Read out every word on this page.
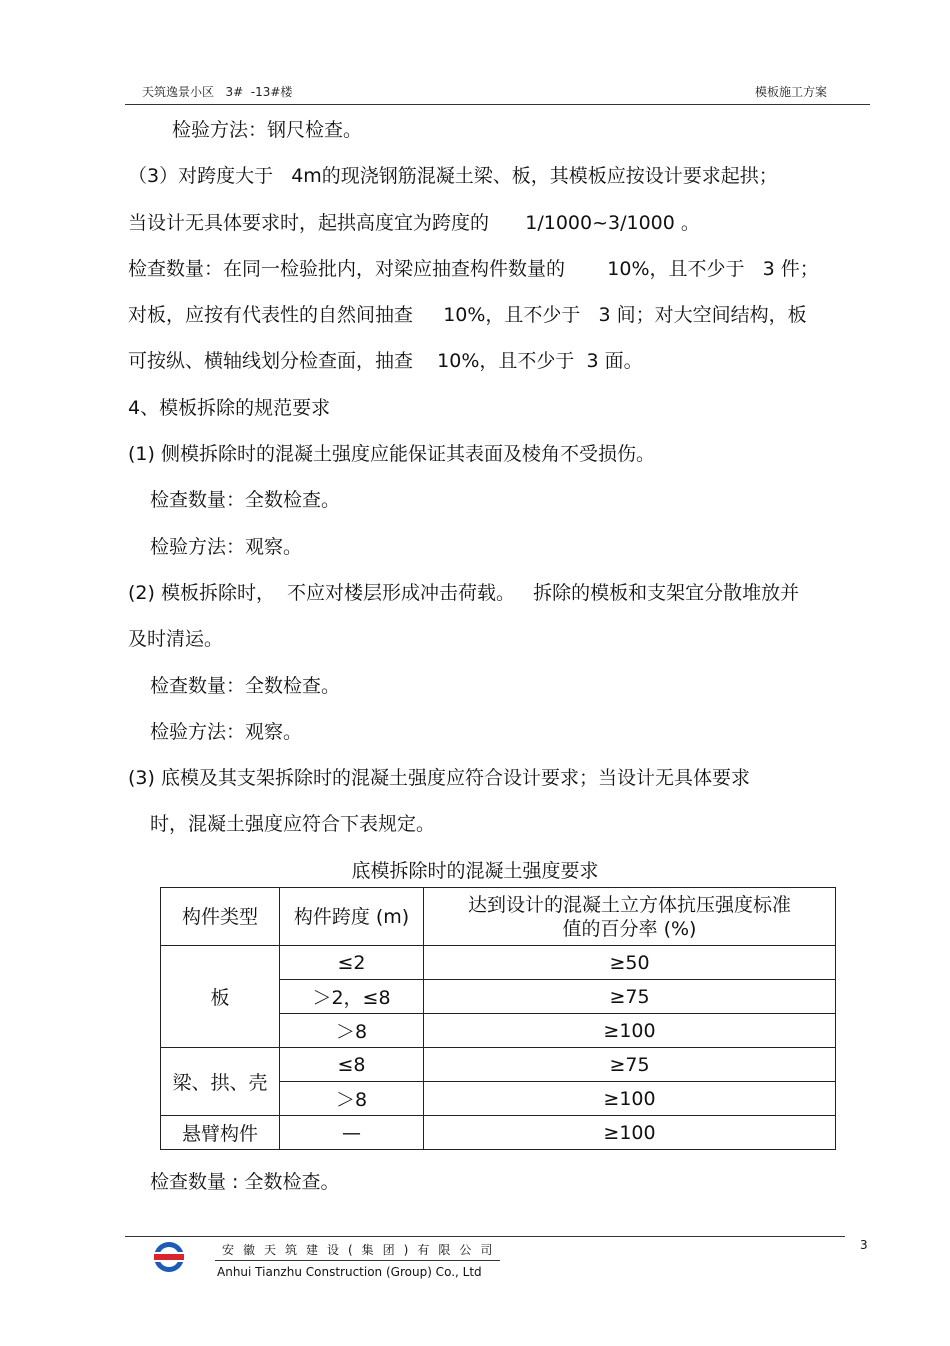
天筑逸景小区   3#  -13#楼	模板施工方案
检验方法：钢尺检查。
（3）对跨度大于   4m的现浇钢筋混凝土梁、板，其模板应按设计要求起拱；
当设计无具体要求时，起拱高度宜为跨度的      1/1000~3/1000 。
检查数量：在同一检验批内，对梁应抽查构件数量的       10%，且不少于   3 件；
对板，应按有代表性的自然间抽查     10%，且不少于   3 间；对大空间结构，板
可按纵、横轴线划分检查面，抽查    10%，且不少于  3 面。
4、模板拆除的规范要求
(1) 侧模拆除时的混凝土强度应能保证其表面及棱角不受损伤。
检查数量：全数检查。
检验方法：观察。
(2) 模板拆除时，  不应对楼层形成冲击荷载。   拆除的模板和支架宜分散堆放并
及时清运。
检查数量：全数检查。
检验方法：观察。
(3) 底模及其支架拆除时的混凝土强度应符合设计要求；当设计无具体要求
时，混凝土强度应符合下表规定。
底模拆除时的混凝土强度要求
构件类型	构件跨度 (m)	达到设计的混凝土立方体抗压强度标准
值的百分率 (%)

板	≤2	≥50
	＞2，≤8	≥75
	＞8	≥100
梁、拱、壳	≤8	≥75
	＞8	≥100
悬臂构件	—	≥100
检查数量 : 全数检查。
安徽天筑建设(集团)有限公司
Anhui Tianzhu Construction (Group) Co., Ltd
3
